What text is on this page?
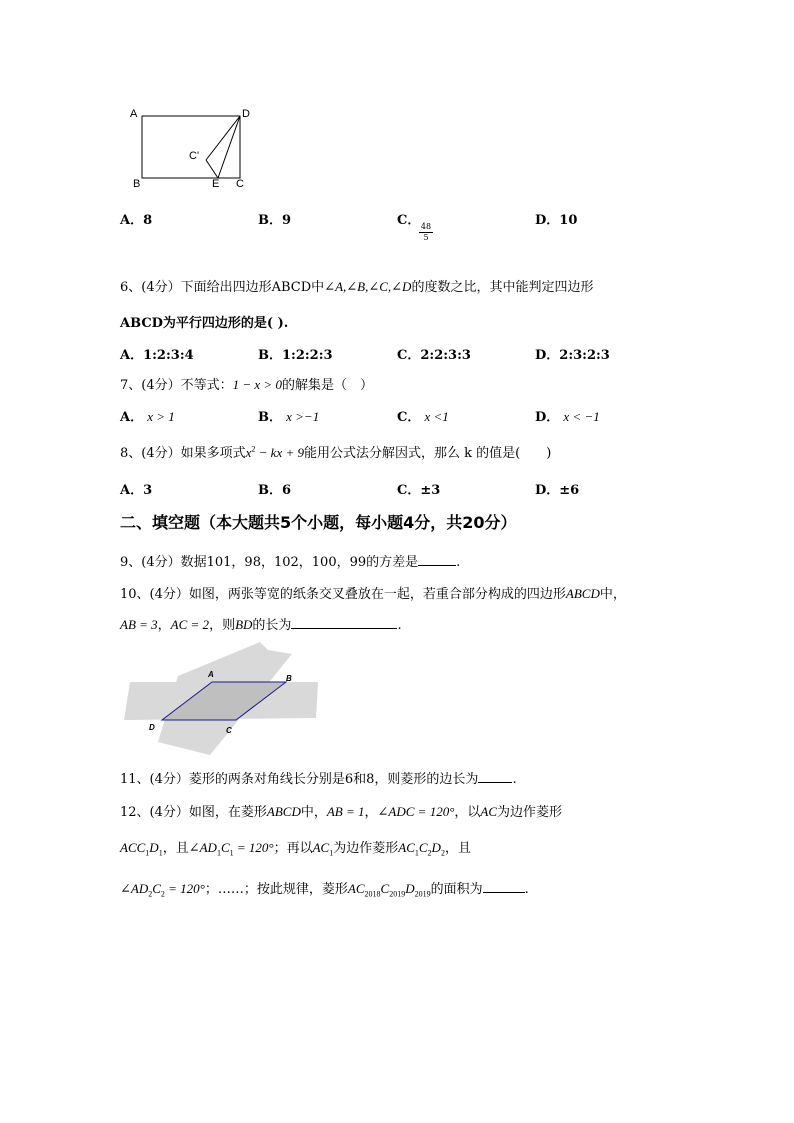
A	D
C'
B	E C
A．8	B．9	C．
$\frac{48}{5}$
D．10
6、(4分）下面给出四边形ABCD中∠A,∠B,∠C,∠D的度数之比，其中能判定四边形
ABCD为平行四边形的是( ).
A．1:2:3:4	B．1:2:2:3	C．2:2:3:3	D．2:3:2:3
7、(4分）不等式：1 − x > 0的解集是（　）
A． x > 1	B． x >−1	C． x <1	D． x < −1
8、(4分）如果多项式$x^2$ − kx + 9能用公式法分解因式，那么 k 的值是(　　)
A．3	B．6	C．±3	D．±6
二、填空题（本大题共5个小题，每小题4分，共20分）
9、(4分）数据101，98，102，100，99的方差是	.
10、(4分）如图，两张等宽的纸条交叉叠放在一起，若重合部分构成的四边形ABCD中，
AB = 3，AC = 2，则BD的长为	.
A	B
C
D
11、(4分）菱形的两条对角线长分别是6和8，则菱形的边长为	.
12、(4分）如图，在菱形ABCD中，AB = 1，∠ADC = 120°，以AC为边作菱形
$ACC_1D_1$，且$\angle AD_1C_1 = 120^\circ$；再以$AC_1$为边作菱形$AC_1C_2D_2$，且
$\angle AD_2C_2 = 120^\circ$；……；按此规律，菱形$AC_{2018}C_{2019}D_{2019}$的面积为	.
